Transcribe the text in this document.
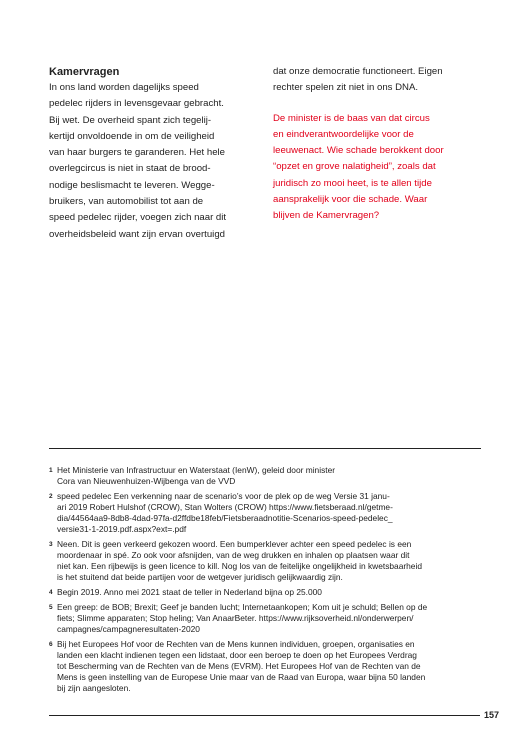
Kamervragen
In ons land worden dagelijks speed
pedelec rijders in levensgevaar gebracht.
Bij wet. De overheid spant zich tegelij-
kertijd onvoldoende in om de veiligheid
van haar burgers te garanderen. Het hele
overlegcircus is niet in staat de brood-
nodige beslismacht te leveren. Wegge-
bruikers, van automobilist tot aan de
speed pedelec rijder, voegen zich naar dit
overheidsbeleid want zijn ervan overtuigd
dat onze democratie functioneert. Eigen
rechter spelen zit niet in ons DNA.
De minister is de baas van dat circus
en eindverantwoordelijke voor de
leeuwenact. Wie schade berokkent door
“opzet en grove nalatigheid”, zoals dat
juridisch zo mooi heet, is te allen tijde
aansprakelijk voor die schade. Waar
blijven de Kamervragen?
1 Het Ministerie van Infrastructuur en Waterstaat (IenW), geleid door minister
Cora van Nieuwenhuizen-Wijbenga van de VVD
2 speed pedelec Een verkenning naar de scenario’s voor de plek op de weg Versie 31 janu-
ari 2019 Robert Hulshof (CROW), Stan Wolters (CROW) https://www.fietsberaad.nl/getme-
dia/44564aa9-8db8-4dad-97fa-d2ffdbe18feb/Fietsberaadnotitie-Scenarios-speed-pedelec_
versie31-1-2019.pdf.aspx?ext=.pdf
3 Neen. Dit is geen verkeerd gekozen woord. Een bumperklever achter een speed pedelec is een
moordenaar in spé. Zo ook voor afsnijden, van de weg drukken en inhalen op plaatsen waar dit
niet kan. Een rijbewijs is geen licence to kill. Nog los van de feitelijke ongelijkheid in kwetsbaarheid
is het stuitend dat beide partijen voor de wetgever juridisch gelijkwaardig zijn.
4 Begin 2019. Anno mei 2021 staat de teller in Nederland bijna op 25.000
5 Een greep: de BOB; Brexit; Geef je banden lucht; Internetaankopen; Kom uit je schuld; Bellen op de
fiets; Slimme apparaten; Stop heling; Van AnaarBeter. https://www.rijksoverheid.nl/onderwerpen/
campagnes/campagneresultaten-2020
6 Bij het Europees Hof voor de Rechten van de Mens kunnen individuen, groepen, organisaties en
landen een klacht indienen tegen een lidstaat, door een beroep te doen op het Europees Verdrag
tot Bescherming van de Rechten van de Mens (EVRM). Het Europees Hof van de Rechten van de
Mens is geen instelling van de Europese Unie maar van de Raad van Europa, waar bijna 50 landen
bij zijn aangesloten.
157
